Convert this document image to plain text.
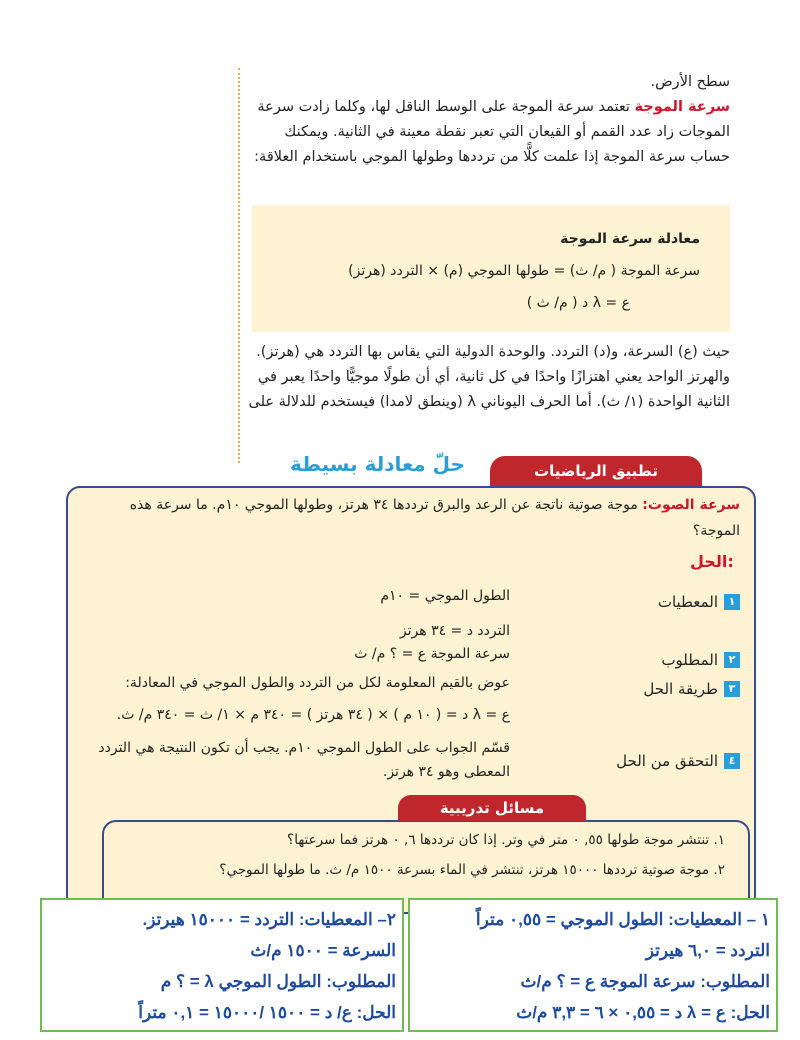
سطح الأرض.

سرعة الموجة تعتمد سرعة الموجة على الوسط الناقل لها، وكلما زادت سرعة الموجات زاد عدد القمم أو القيعان التي تعبر نقطة معينة في الثانية. ويمكنك حساب سرعة الموجة إذا علمت كلًّا من ترددها وطولها الموجي باستخدام العلاقة:

معادلة سرعة الموجة
سرعة الموجة ( م/ ث) = طولها الموجي (م) × التردد (هرتز)
ع = λ د ( م/ ث )

حيث (ع) السرعة، و(د) التردد. والوحدة الدولية التي يقاس بها التردد هي (هرتز). والهرتز الواحد يعني اهتزازًا واحدًا في كل ثانية، أي أن طولًا موجيًّا واحدًا يعبر في الثانية الواحدة (١/ ث). أما الحرف اليوناني λ (وينطق لامدا) فيستخدم للدلالة على

حلّ معادلة بسيطة	تطبيق الرياضيات
سرعة الصوت: موجة صوتية ناتجة عن الرعد والبرق ترددها ٣٤ هرتز، وطولها الموجي ١٠م. ما سرعة هذه الموجة؟
الحل:
١
المعطيات
٢
المطلوب
٣
طريقة الحل
٤
التحقق من الحل
الطول الموجي = ١٠م
التردد د = ٣٤ هرتز
سرعة الموجة ع = ؟ م/ ث
عوض بالقيم المعلومة لكل من التردد والطول الموجي في المعادلة:
ع = λ د = ( ١٠ م ) × ( ٣٤ هرتز ) = ٣٤٠ م × ١/ ث = ٣٤٠ م/ ث.
قسّم الجواب على الطول الموجي ١٠م. يجب أن تكون النتيجة هي التردد
المعطى وهو ٣٤ هرتز.
مسائل تدريبية
١. تنتشر موجة طولها ٥٥, ٠ متر في وتر. إذا كان ترددها ٦, ٠ هرتز فما سرعتها؟
٢. موجة صوتية ترددها ١٥٠٠٠ هرتز، تنتشر في الماء بسرعة ١٥٠٠ م/ ث. ما طولها الموجي؟
١ – المعطيات: الطول الموجي = ٠,٥٥ متراً
التردد = ٦,٠ هيرتز
المطلوب: سرعة الموجة ع = ؟ م/ث
الحل: ع = λ د = ٠,٥٥ × ٦ = ٣,٣ م/ث
٢– المعطيات: التردد = ١٥٠٠٠ هيرتز.
السرعة = ١٥٠٠ م/ث
المطلوب: الطول الموجي λ = ؟ م
الحل: ع/ د = ١٥٠٠ /١٥٠٠٠ = ٠,١ متراً
